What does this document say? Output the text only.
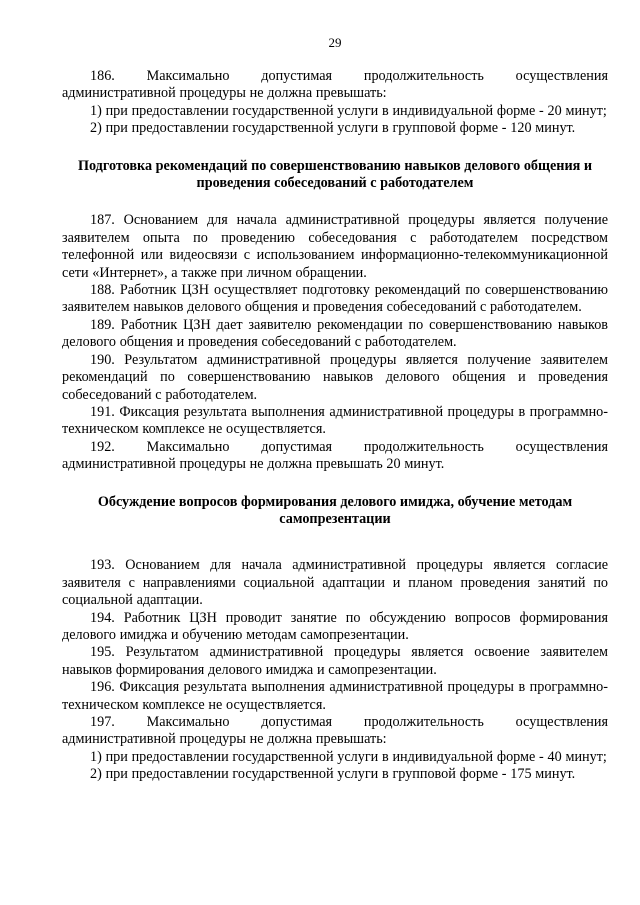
29

186. Максимально допустимая продолжительность осуществления административной процедуры не должна превышать:

1) при предоставлении государственной услуги в индивидуальной форме - 20 минут;

2) при предоставлении государственной услуги в групповой форме - 120 минут.

Подготовка рекомендаций по совершенствованию навыков делового общения и проведения собеседований с работодателем

187. Основанием для начала административной процедуры является получение заявителем опыта по проведению собеседования с работодателем посредством телефонной или видеосвязи с использованием информационно-телекоммуникационной сети «Интернет», а также при личном обращении.

188. Работник ЦЗН осуществляет подготовку рекомендаций по совершенствованию заявителем навыков делового общения и проведения собеседований с работодателем.

189. Работник ЦЗН дает заявителю рекомендации по совершенствованию навыков делового общения и проведения собеседований с работодателем.

190. Результатом административной процедуры является получение заявителем рекомендаций по совершенствованию навыков делового общения и проведения собеседований с работодателем.

191. Фиксация результата выполнения административной процедуры в программно-техническом комплексе не осуществляется.

192. Максимально допустимая продолжительность осуществления административной процедуры не должна превышать 20 минут.

Обсуждение вопросов формирования делового имиджа, обучение методам самопрезентации

193. Основанием для начала административной процедуры является согласие заявителя с направлениями социальной адаптации и планом проведения занятий по социальной адаптации.

194. Работник ЦЗН проводит занятие по обсуждению вопросов формирования делового имиджа и обучению методам самопрезентации.

195. Результатом административной процедуры является освоение заявителем навыков формирования делового имиджа и самопрезентации.

196. Фиксация результата выполнения административной процедуры в программно-техническом комплексе не осуществляется.

197. Максимально допустимая продолжительность осуществления административной процедуры не должна превышать:

1) при предоставлении государственной услуги в индивидуальной форме - 40 минут;

2) при предоставлении государственной услуги в групповой форме - 175 минут.
